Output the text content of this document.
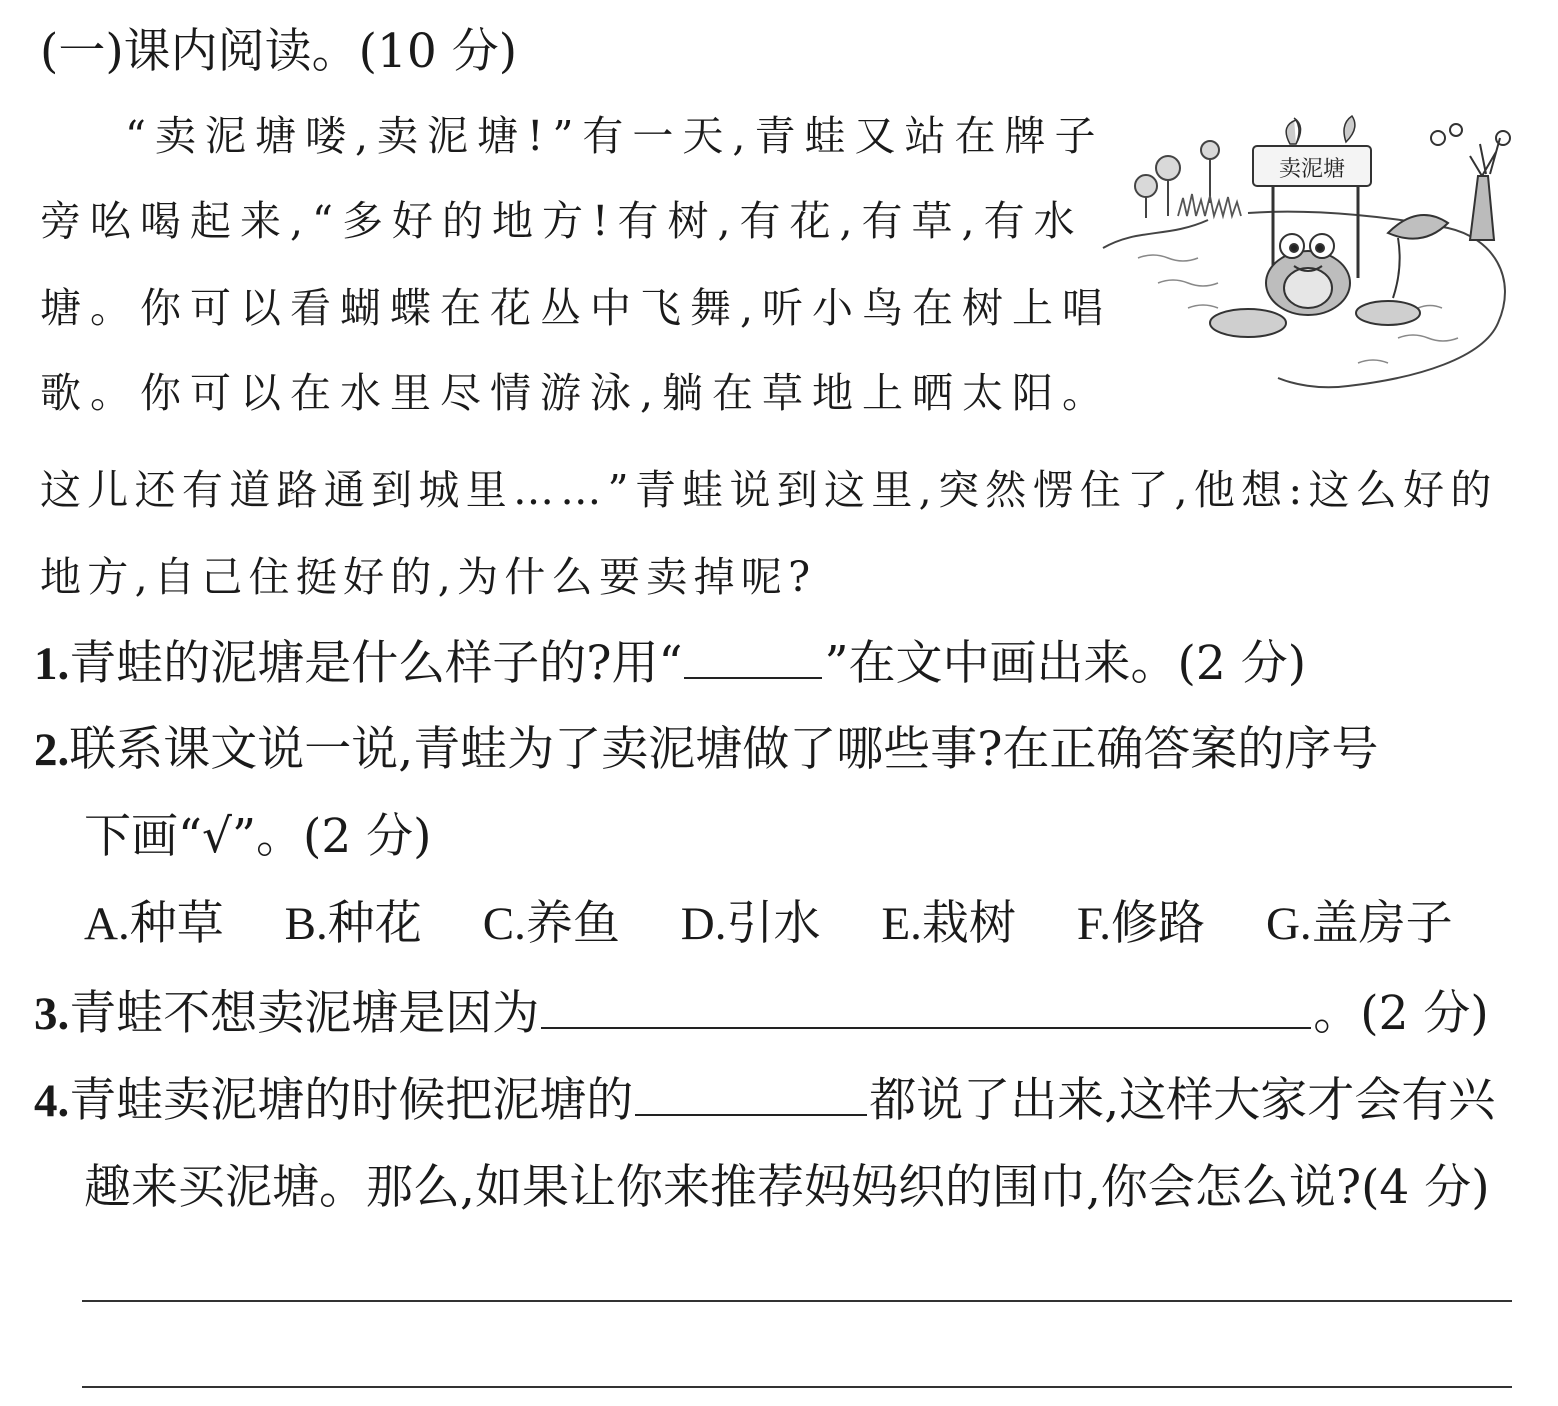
(一)课内阅读。(10 分)
“卖泥塘喽,卖泥塘!”有一天,青蛙又站在牌子
旁吆喝起来,“多好的地方!有树,有花,有草,有水
塘。你可以看蝴蝶在花丛中飞舞,听小鸟在树上唱
歌。你可以在水里尽情游泳,躺在草地上晒太阳。
这儿还有道路通到城里……”青蛙说到这里,突然愣住了,他想:这么好的
地方,自己住挺好的,为什么要卖掉呢?
卖泥塘
1.青蛙的泥塘是什么样子的?用“	”在文中画出来。(2 分)
2.联系课文说一说,青蛙为了卖泥塘做了哪些事?在正确答案的序号
下画“√”。(2 分)
A.种草 B.种花 C.养鱼 D.引水 E.栽树 F.修路 G.盖房子
3.青蛙不想卖泥塘是因为	。(2 分)
4.青蛙卖泥塘的时候把泥塘的	都说了出来,这样大家才会有兴
趣来买泥塘。那么,如果让你来推荐妈妈织的围巾,你会怎么说?(4 分)
